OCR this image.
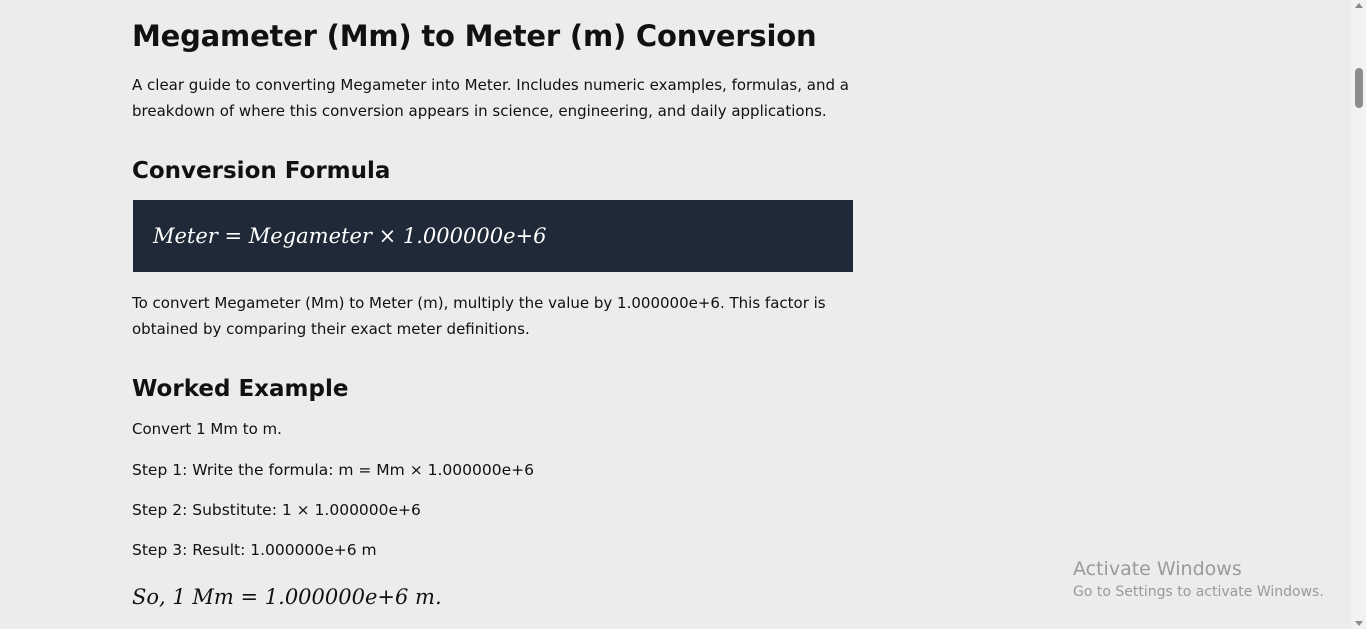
Megameter (Mm) to Meter (m) Conversion

A clear guide to converting Megameter into Meter. Includes numeric examples, formulas, and a breakdown of where this conversion appears in science, engineering, and daily applications.

Conversion Formula
Meter = Megameter × 1.000000e+6

To convert Megameter (Mm) to Meter (m), multiply the value by 1.000000e+6. This factor is obtained by comparing their exact meter definitions.

Worked Example

Convert 1 Mm to m.

Step 1: Write the formula: m = Mm × 1.000000e+6

Step 2: Substitute: 1 × 1.000000e+6

Step 3: Result: 1.000000e+6 m

So, 1 Mm = 1.000000e+6 m.

Activate Windows
Go to Settings to activate Windows.
